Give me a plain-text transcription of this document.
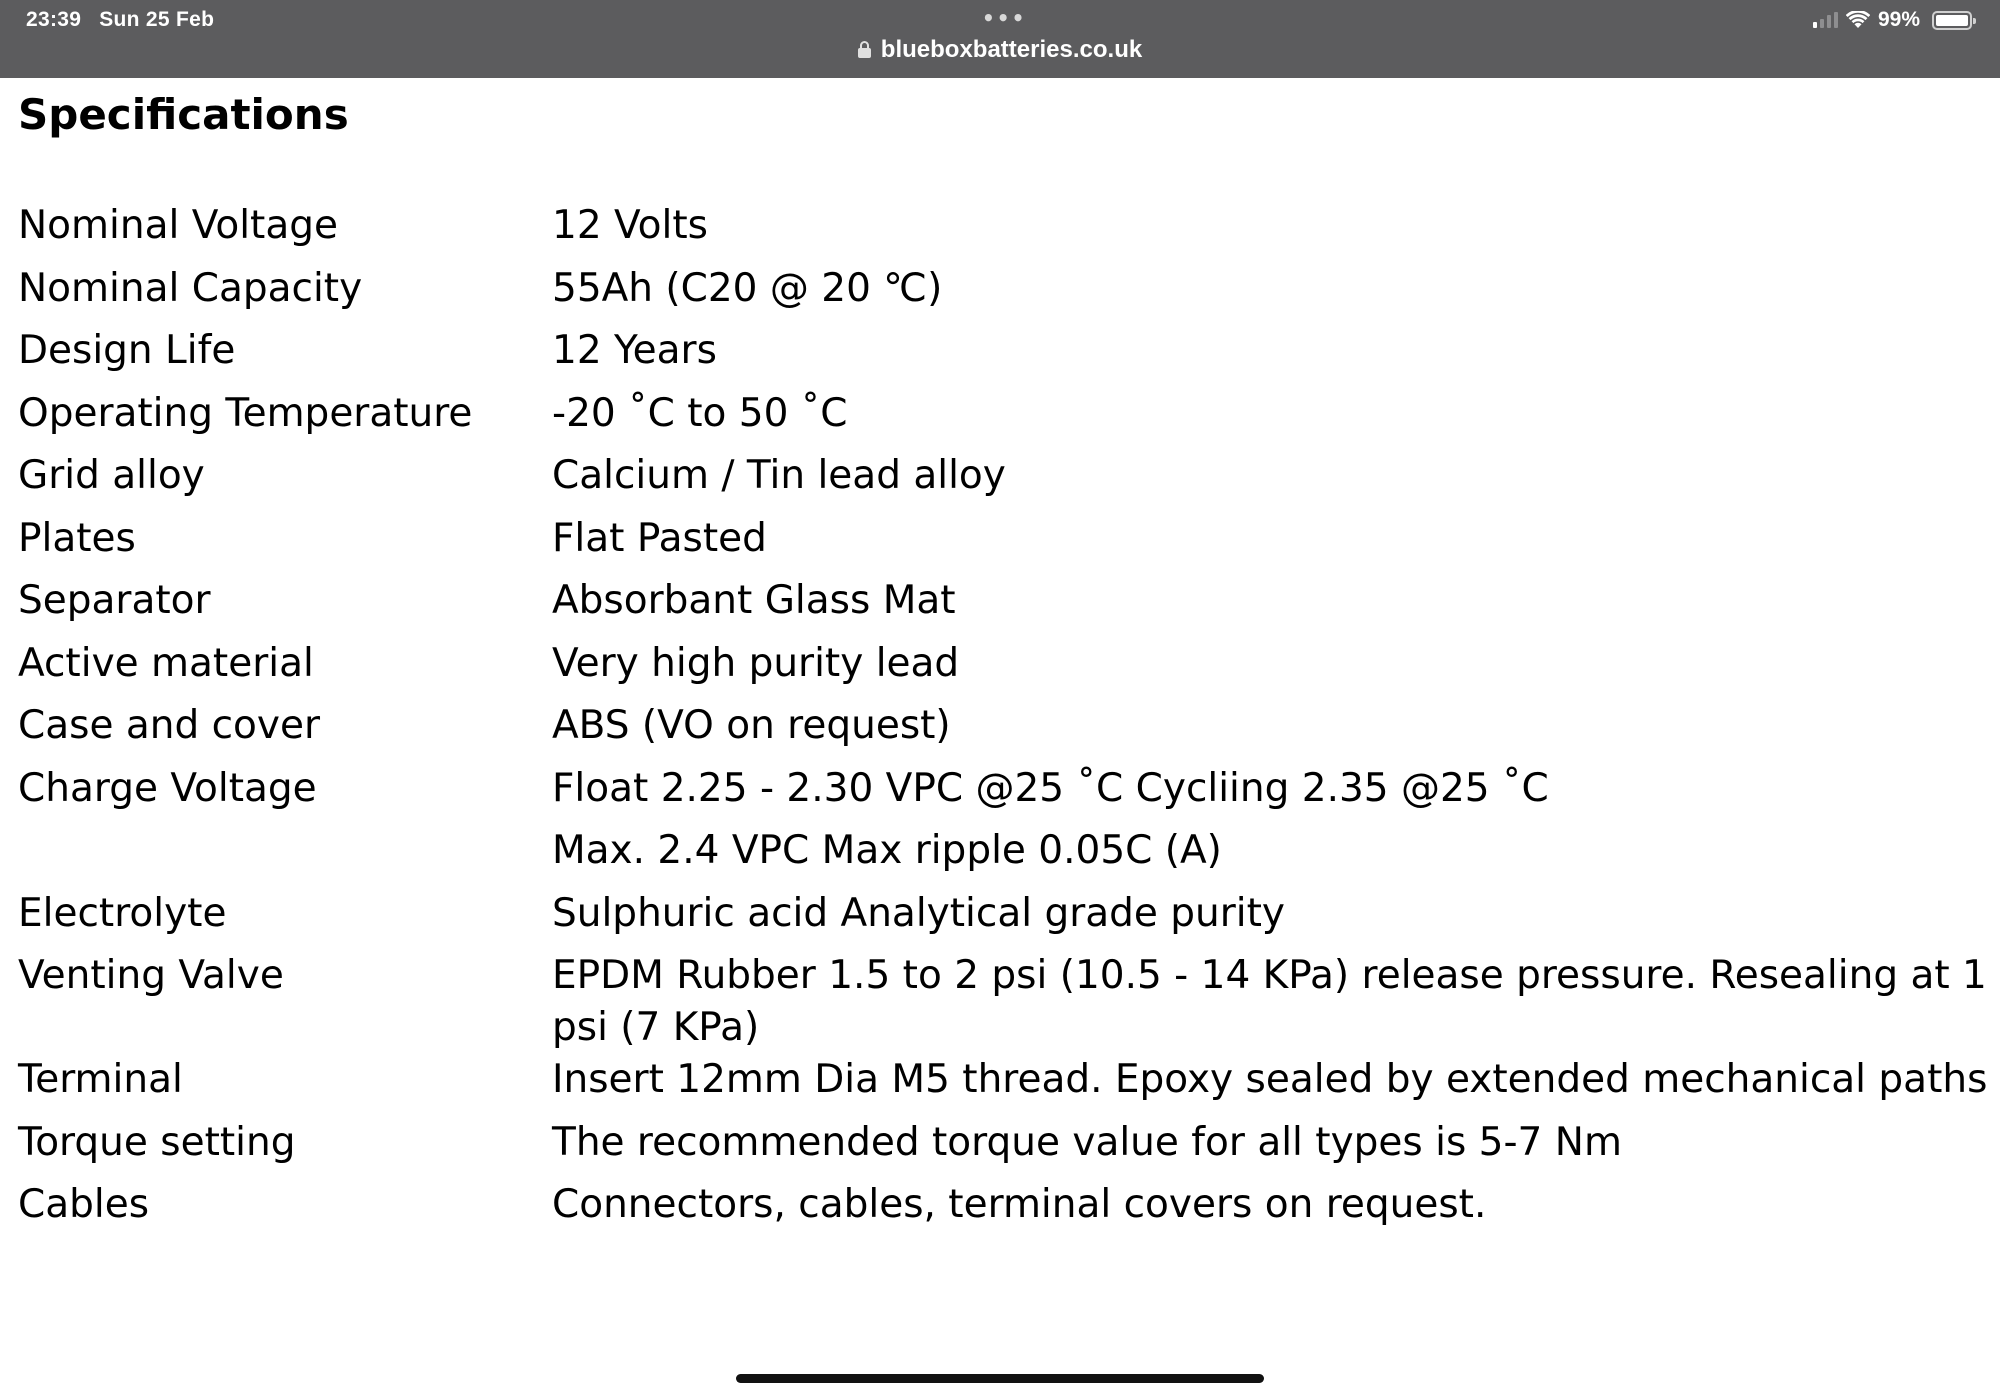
23:39 Sun 25 Feb	•••
blueboxbatteries.co.uk
99%
Specifications
Nominal Voltage	12 Volts
Nominal Capacity	55Ah (C20 @ 20 ℃)
Design Life	12 Years
Operating Temperature	-20 ˚C to 50 ˚C
Grid alloy	Calcium / Tin lead alloy
Plates	Flat Pasted
Separator	Absorbant Glass Mat
Active material	Very high purity lead
Case and cover	ABS (VO on request)
Charge Voltage	Float 2.25 - 2.30 VPC @25 ˚C Cycliing 2.35 @25 ˚C
	Max. 2.4 VPC Max ripple 0.05C (A)
Electrolyte	Sulphuric acid Analytical grade purity
Venting Valve	EPDM Rubber 1.5 to 2 psi (10.5 - 14 KPa) release pressure. Resealing at 1 psi (7 KPa)
Terminal	Insert 12mm Dia M5 thread. Epoxy sealed by extended mechanical paths
Torque setting	The recommended torque value for all types is 5-7 Nm
Cables	Connectors, cables, terminal covers on request.
